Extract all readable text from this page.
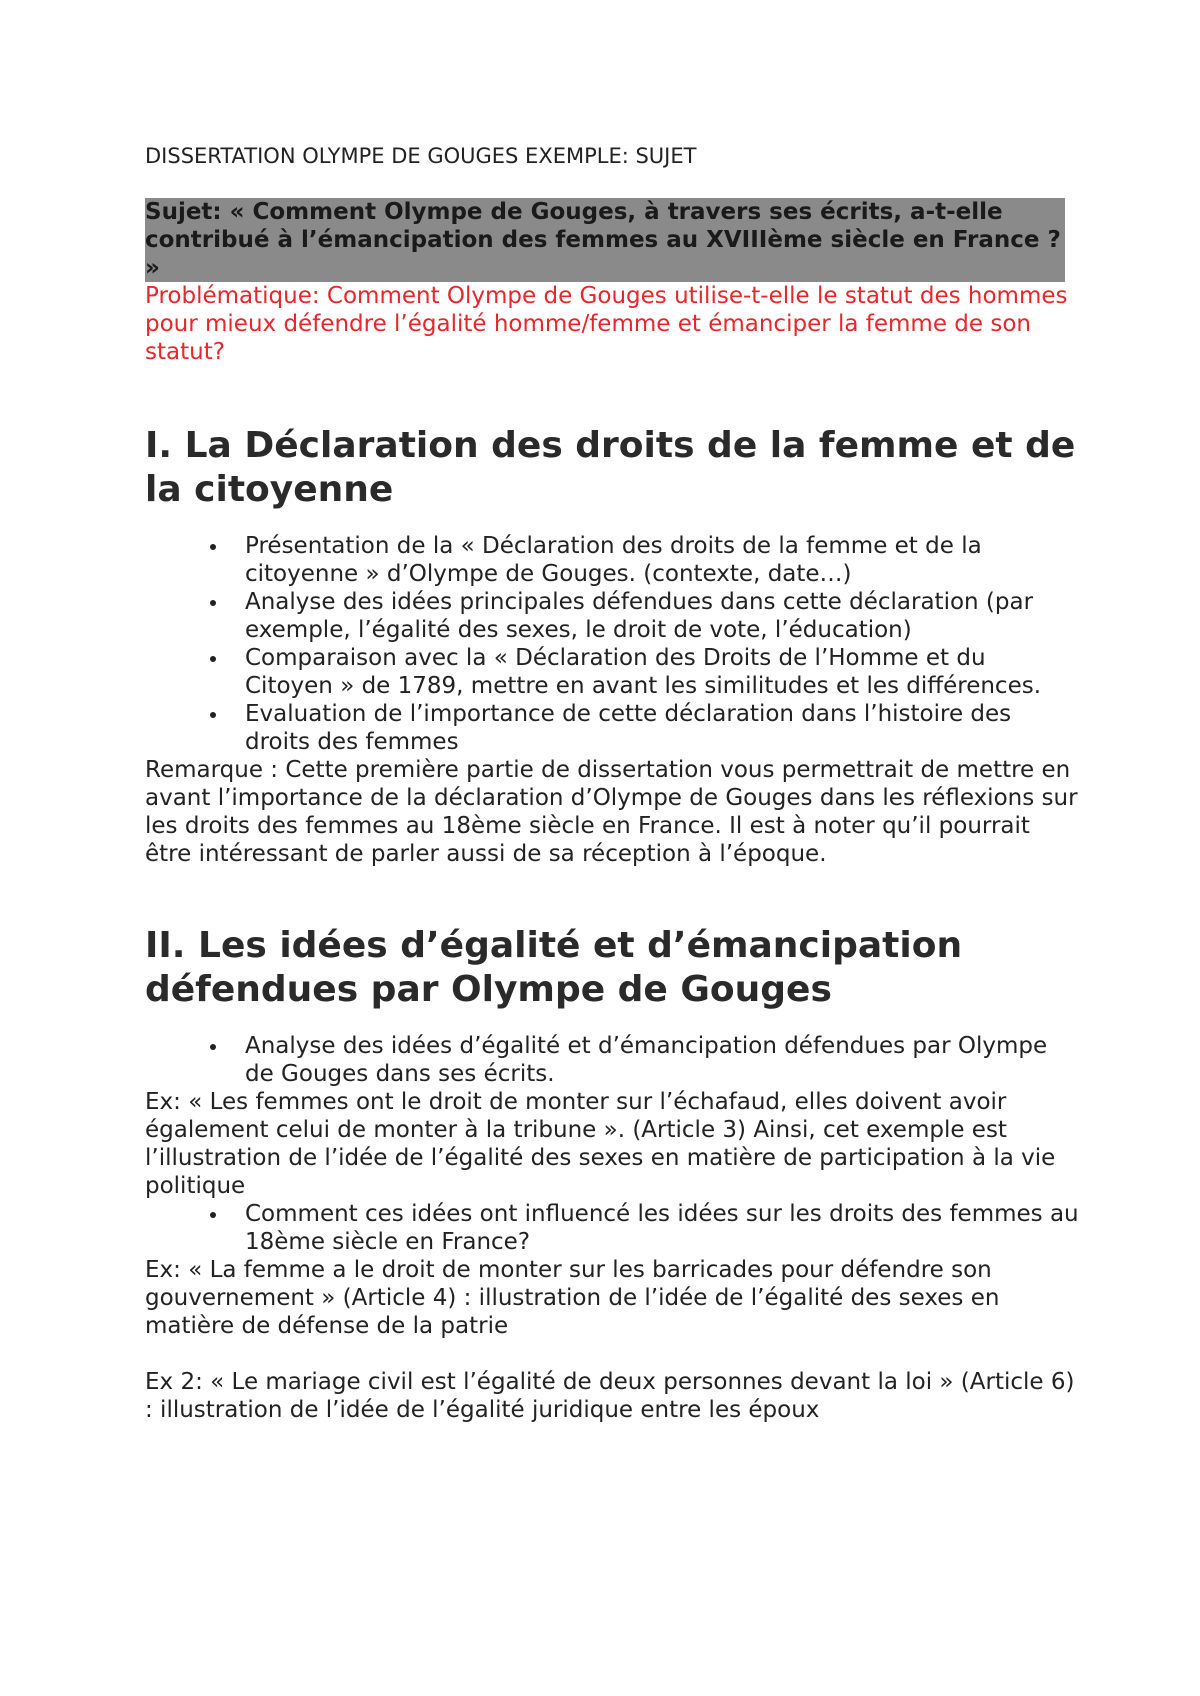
DISSERTATION OLYMPE DE GOUGES EXEMPLE: SUJET

Sujet: « Comment Olympe de Gouges, à travers ses écrits, a-t-elle contribué à l’émancipation des femmes au XVIIIème siècle en France ? »

Problématique: Comment Olympe de Gouges utilise-t-elle le statut des hommes pour mieux défendre l’égalité homme/femme et émanciper la femme de son statut?

I. La Déclaration des droits de la femme et de la citoyenne
Présentation de la « Déclaration des droits de la femme et de la citoyenne » d’Olympe de Gouges. (contexte, date…)
Analyse des idées principales défendues dans cette déclaration (par exemple, l’égalité des sexes, le droit de vote, l’éducation)
Comparaison avec la « Déclaration des Droits de l’Homme et du Citoyen » de 1789, mettre en avant les similitudes et les différences.
Evaluation de l’importance de cette déclaration dans l’histoire des droits des femmes

Remarque : Cette première partie de dissertation vous permettrait de mettre en avant l’importance de la déclaration d’Olympe de Gouges dans les réflexions sur les droits des femmes au 18ème siècle en France. Il est à noter qu’il pourrait être intéressant de parler aussi de sa réception à l’époque.

II. Les idées d’égalité et d’émancipation défendues par Olympe de Gouges
Analyse des idées d’égalité et d’émancipation défendues par Olympe de Gouges dans ses écrits.

Ex: « Les femmes ont le droit de monter sur l’échafaud, elles doivent avoir également celui de monter à la tribune ». (Article 3) Ainsi, cet exemple est l’illustration de l’idée de l’égalité des sexes en matière de participation à la vie politique

Comment ces idées ont influencé les idées sur les droits des femmes au 18ème siècle en France?

Ex: « La femme a le droit de monter sur les barricades pour défendre son gouvernement » (Article 4) : illustration de l’idée de l’égalité des sexes en matière de défense de la patrie

Ex 2: « Le mariage civil est l’égalité de deux personnes devant la loi » (Article 6) : illustration de l’idée de l’égalité juridique entre les époux
